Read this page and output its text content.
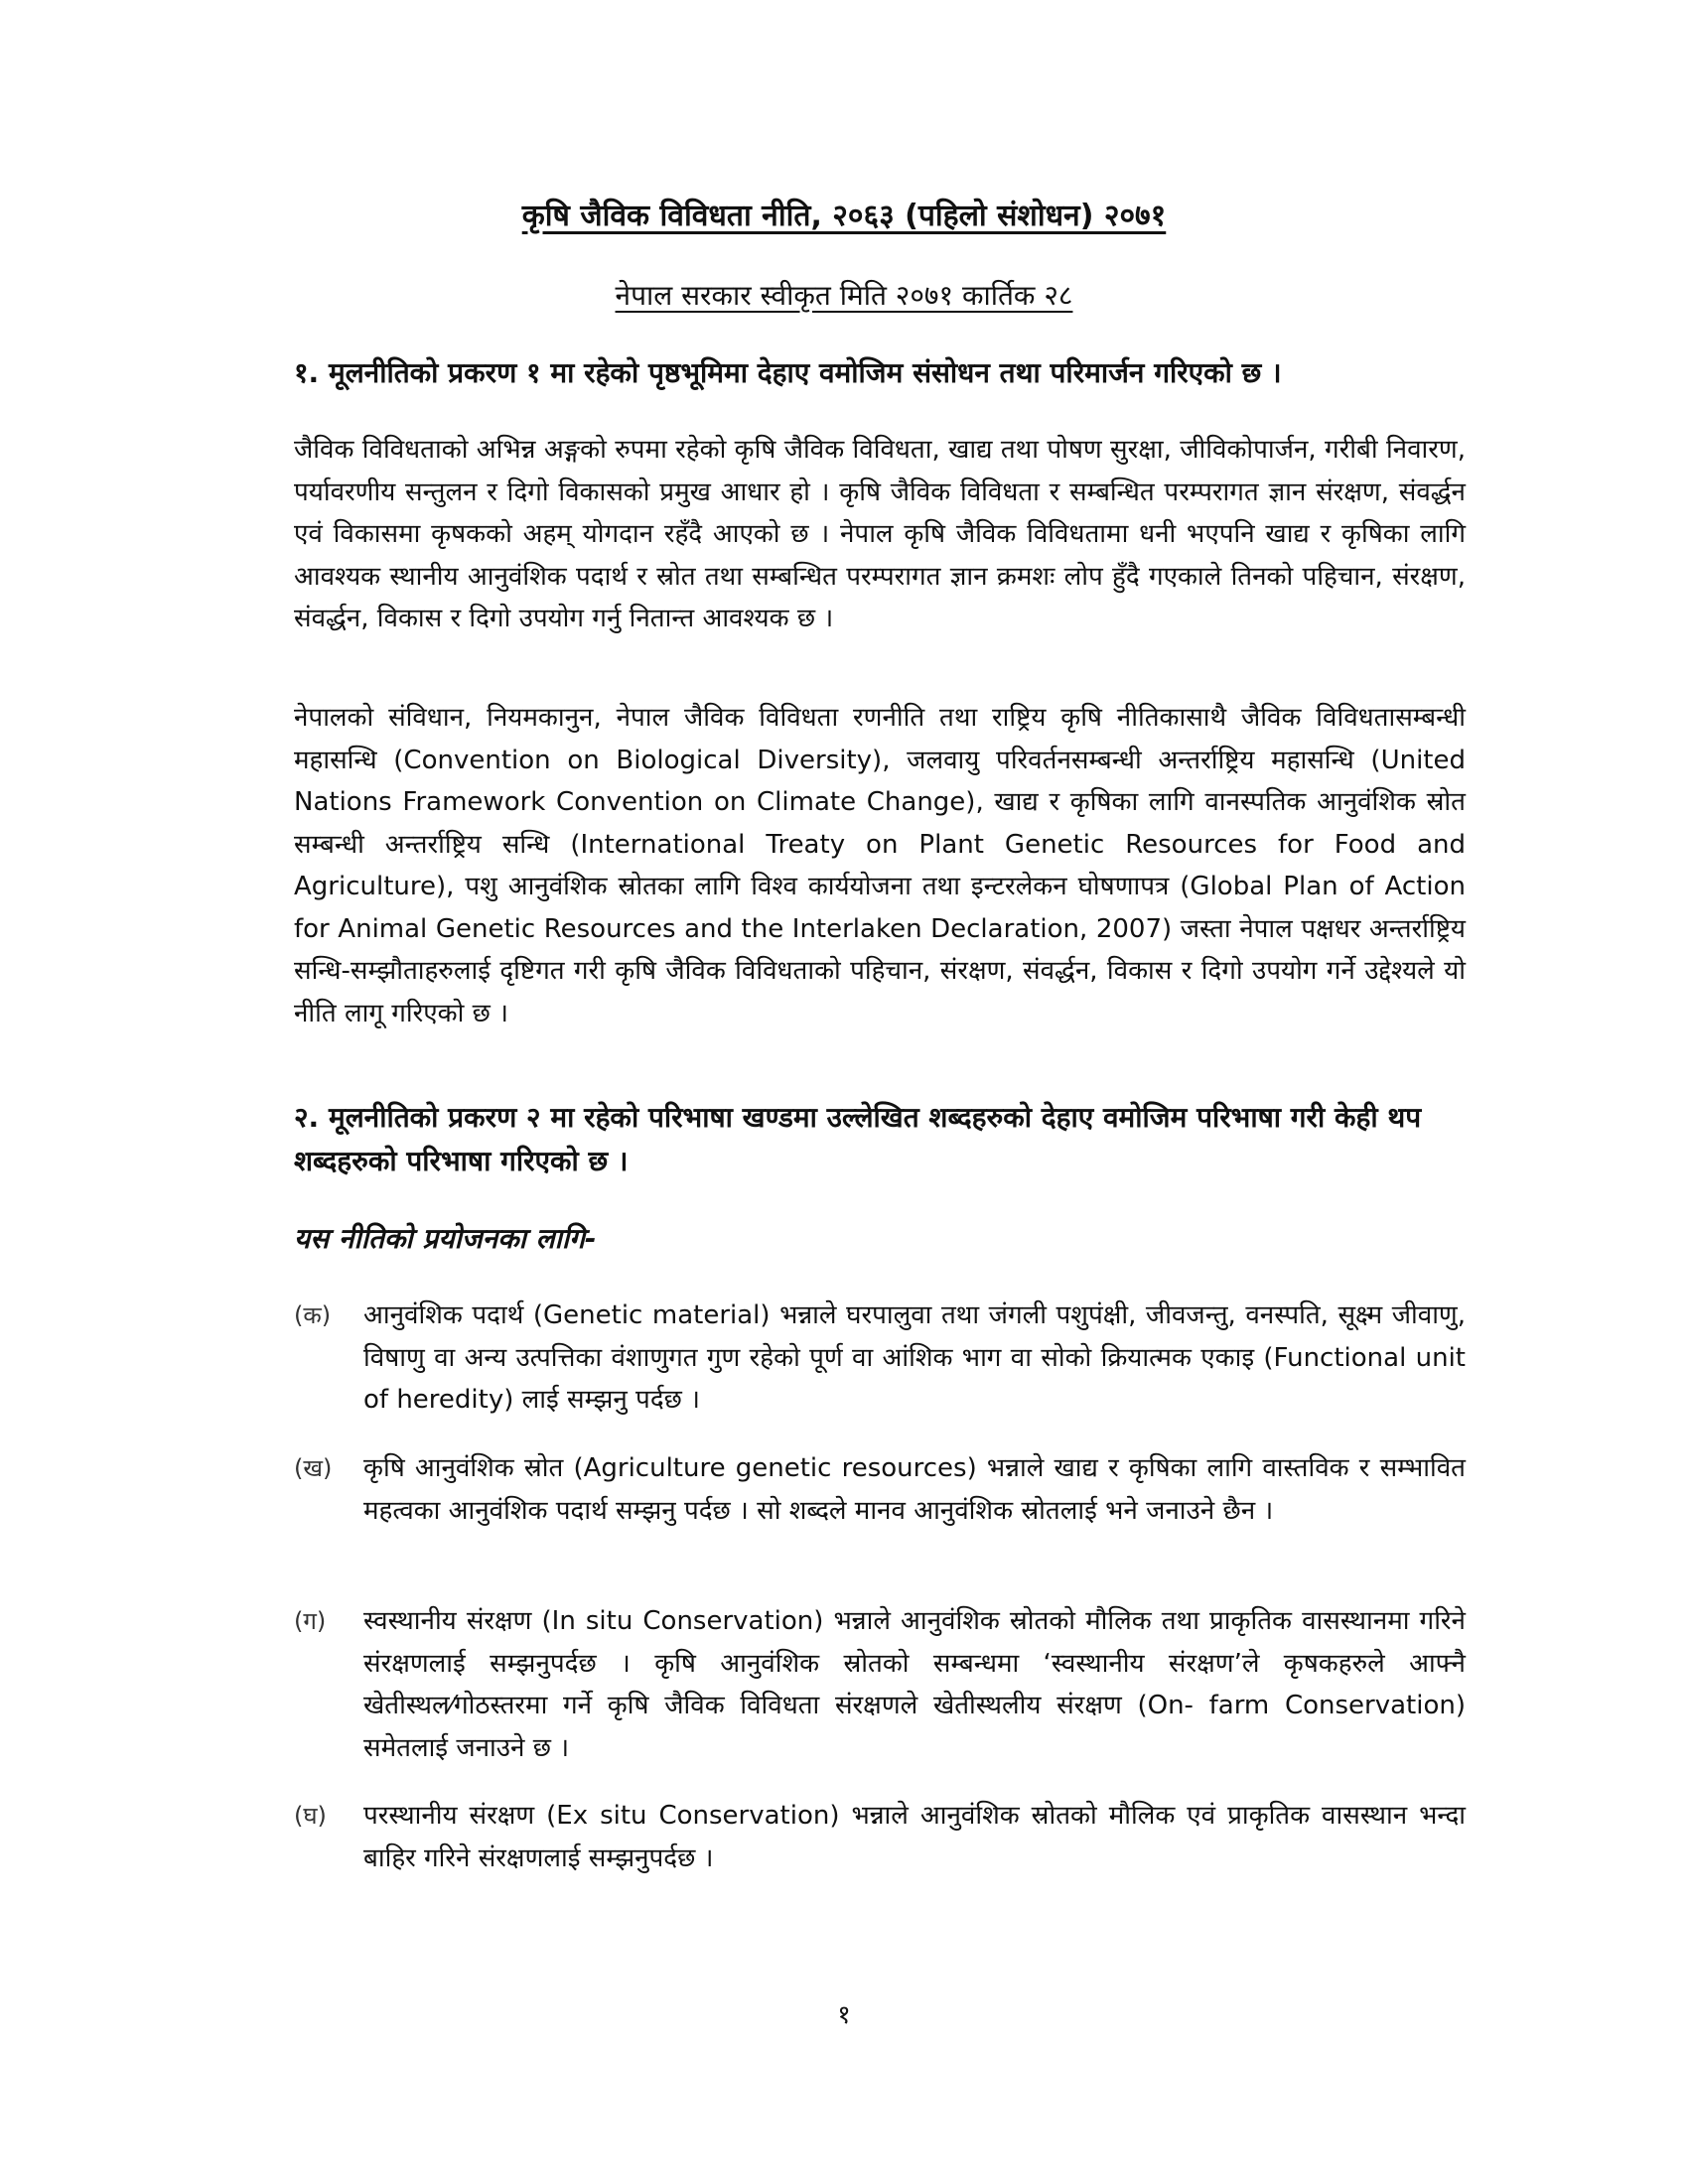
कृषि जैविक विविधता नीति, २०६३ (पहिलो संशोधन) २०७१
नेपाल सरकार स्वीकृत मिति २०७१ कार्तिक २८
१. मूलनीतिको प्रकरण १ मा रहेको पृष्ठभूमिमा देहाए वमोजिम संसोधन तथा परिमार्जन गरिएको छ ।
जैविक विविधताको अभिन्न अङ्गको रुपमा रहेको कृषि जैविक विविधता, खाद्य तथा पोषण सुरक्षा, जीविकोपार्जन, गरीबी निवारण, पर्यावरणीय सन्तुलन र दिगो विकासको प्रमुख आधार हो । कृषि जैविक विविधता र सम्बन्धित परम्परागत ज्ञान संरक्षण, संवर्द्धन एवं विकासमा कृषकको अहम् योगदान रहँदै आएको छ । नेपाल कृषि जैविक विविधतामा धनी भएपनि खाद्य र कृषिका लागि आवश्यक स्थानीय आनुवंशिक पदार्थ र स्रोत तथा सम्बन्धित परम्परागत ज्ञान क्रमशः लोप हुँदै गएकाले तिनको पहिचान, संरक्षण, संवर्द्धन, विकास र दिगो उपयोग गर्नु नितान्त आवश्यक छ ।
नेपालको संविधान, नियमकानुन, नेपाल जैविक विविधता रणनीति तथा राष्ट्रिय कृषि नीतिकासाथै जैविक विविधतासम्बन्धी महासन्धि (Convention on Biological Diversity), जलवायु परिवर्तनसम्बन्धी अन्तर्राष्ट्रिय महासन्धि (United Nations Framework Convention on Climate Change), खाद्य र कृषिका लागि वानस्पतिक आनुवंशिक स्रोत सम्बन्धी अन्तर्राष्ट्रिय सन्धि (International Treaty on Plant Genetic Resources for Food and Agriculture), पशु आनुवंशिक स्रोतका लागि विश्व कार्ययोजना तथा इन्टरलेकन घोषणापत्र (Global Plan of Action for Animal Genetic Resources and the Interlaken Declaration, 2007) जस्ता नेपाल पक्षधर अन्तर्राष्ट्रिय सन्धि-सम्झौताहरुलाई दृष्टिगत गरी कृषि जैविक विविधताको पहिचान, संरक्षण, संवर्द्धन, विकास र दिगो उपयोग गर्ने उद्देश्यले यो नीति लागू गरिएको छ ।
२. मूलनीतिको प्रकरण २ मा रहेको परिभाषा खण्डमा उल्लेखित शब्दहरुको देहाए वमोजिम परिभाषा गरी केही थप शब्दहरुको परिभाषा गरिएको छ ।
यस नीतिको प्रयोजनका लागि-
(क)	आनुवंशिक पदार्थ (Genetic material) भन्नाले घरपालुवा तथा जंगली पशुपंक्षी, जीवजन्तु, वनस्पति, सूक्ष्म जीवाणु, विषाणु वा अन्य उत्पत्तिका वंशाणुगत गुण रहेको पूर्ण वा आंशिक भाग वा सोको क्रियात्मक एकाइ (Functional unit of heredity) लाई सम्झनु पर्दछ ।
(ख)	कृषि आनुवंशिक स्रोत (Agriculture genetic resources) भन्नाले खाद्य र कृषिका लागि वास्तविक र सम्भावित महत्वका आनुवंशिक पदार्थ सम्झनु पर्दछ । सो शब्दले मानव आनुवंशिक स्रोतलाई भने जनाउने छैन ।
(ग)	स्वस्थानीय संरक्षण (In situ Conservation) भन्नाले आनुवंशिक स्रोतको मौलिक तथा प्राकृतिक वासस्थानमा गरिने संरक्षणलाई सम्झनुपर्दछ । कृषि आनुवंशिक स्रोतको सम्बन्धमा ‘स्वस्थानीय संरक्षण’ले कृषकहरुले आफ्नै खेतीस्थल⁄गोठस्तरमा गर्ने कृषि जैविक विविधता संरक्षणले खेतीस्थलीय संरक्षण (On- farm Conservation) समेतलाई जनाउने छ ।
(घ)	परस्थानीय संरक्षण (Ex situ Conservation) भन्नाले आनुवंशिक स्रोतको मौलिक एवं प्राकृतिक वासस्थान भन्दा बाहिर गरिने संरक्षणलाई सम्झनुपर्दछ ।
१
